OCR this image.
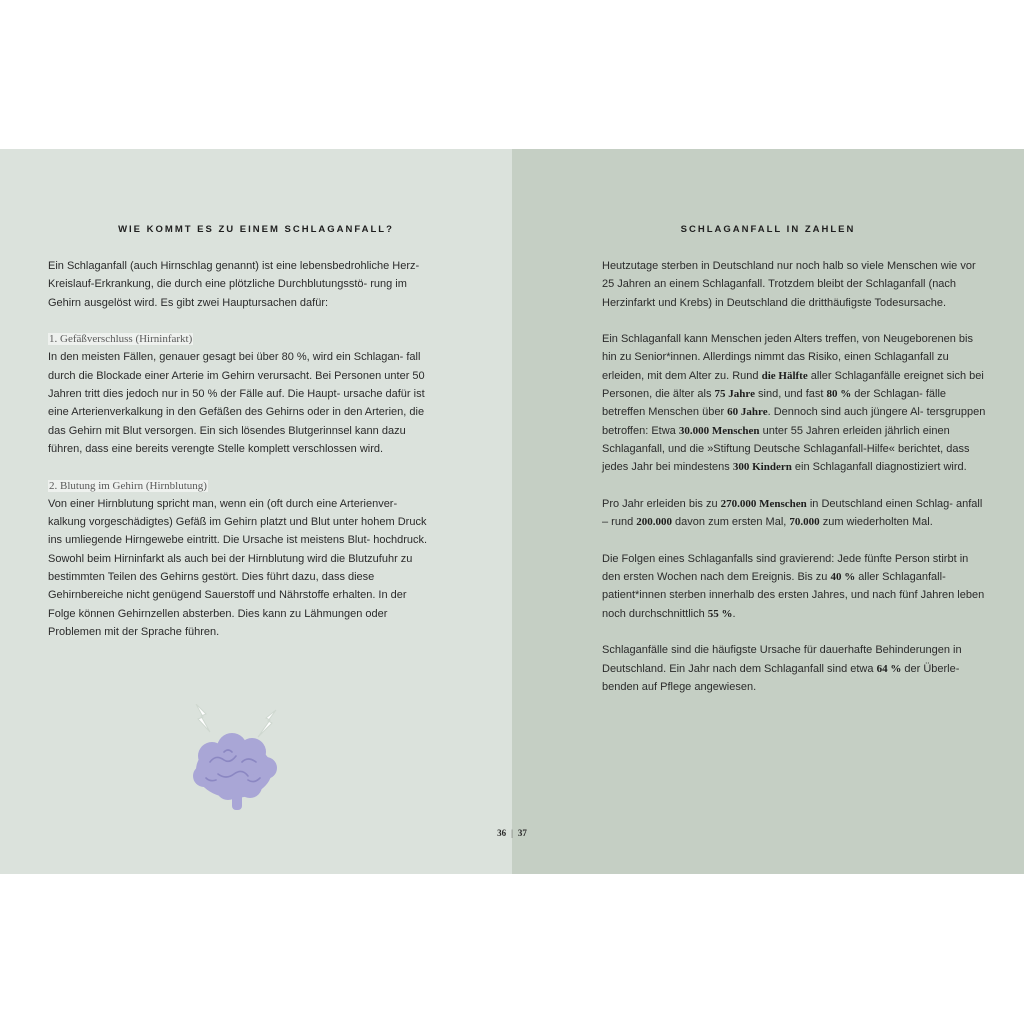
WIE KOMMT ES ZU EINEM SCHLAGANFALL?

Ein Schlaganfall (auch Hirnschlag genannt) ist eine lebensbedrohliche Herz-Kreislauf-Erkrankung, die durch eine plötzliche Durchblutungsstö- rung im Gehirn ausgelöst wird. Es gibt zwei Hauptursachen dafür:

1. Gefäßverschluss (Hirninfarkt)

In den meisten Fällen, genauer gesagt bei über 80 %, wird ein Schlagan- fall durch die Blockade einer Arterie im Gehirn verursacht. Bei Personen unter 50 Jahren tritt dies jedoch nur in 50 % der Fälle auf. Die Haupt- ursache dafür ist eine Arterienverkalkung in den Gefäßen des Gehirns oder in den Arterien, die das Gehirn mit Blut versorgen. Ein sich lösendes Blutgerinnsel kann dazu führen, dass eine bereits verengte Stelle komplett verschlossen wird.

2. Blutung im Gehirn (Hirnblutung)

Von einer Hirnblutung spricht man, wenn ein (oft durch eine Arterienver- kalkung vorgeschädigtes) Gefäß im Gehirn platzt und Blut unter hohem Druck ins umliegende Hirngewebe eintritt. Die Ursache ist meistens Blut- hochdruck.

Sowohl beim Hirninfarkt als auch bei der Hirnblutung wird die Blutzufuhr zu bestimmten Teilen des Gehirns gestört. Dies führt dazu, dass diese Gehirnbereiche nicht genügend Sauerstoff und Nährstoffe erhalten. In der Folge können Gehirnzellen absterben. Dies kann zu Lähmungen oder Problemen mit der Sprache führen.

SCHLAGANFALL IN ZAHLEN

Heutzutage sterben in Deutschland nur noch halb so viele Menschen wie vor 25 Jahren an einem Schlaganfall. Trotzdem bleibt der Schlaganfall (nach Herzinfarkt und Krebs) in Deutschland die dritthäufigste Todesursache.

Ein Schlaganfall kann Menschen jeden Alters treffen, von Neugeborenen bis hin zu Senior*innen. Allerdings nimmt das Risiko, einen Schlaganfall zu erleiden, mit dem Alter zu. Rund die Hälfte aller Schlaganfälle ereignet sich bei Personen, die älter als 75 Jahre sind, und fast 80 % der Schlagan- fälle betreffen Menschen über 60 Jahre. Dennoch sind auch jüngere Al- tersgruppen betroffen: Etwa 30.000 Menschen unter 55 Jahren erleiden jährlich einen Schlaganfall, und die »Stiftung Deutsche Schlaganfall-Hilfe« berichtet, dass jedes Jahr bei mindestens 300 Kindern ein Schlaganfall diagnostiziert wird.

Pro Jahr erleiden bis zu 270.000 Menschen in Deutschland einen Schlag- anfall – rund 200.000 davon zum ersten Mal, 70.000 zum wiederholten Mal.

Die Folgen eines Schlaganfalls sind gravierend: Jede fünfte Person stirbt in den ersten Wochen nach dem Ereignis. Bis zu 40 % aller Schlaganfall- patient*innen sterben innerhalb des ersten Jahres, und nach fünf Jahren leben noch durchschnittlich 55 %.

Schlaganfälle sind die häufigste Ursache für dauerhafte Behinderungen in Deutschland. Ein Jahr nach dem Schlaganfall sind etwa 64 % der Überle- benden auf Pflege angewiesen.

36 | 37
